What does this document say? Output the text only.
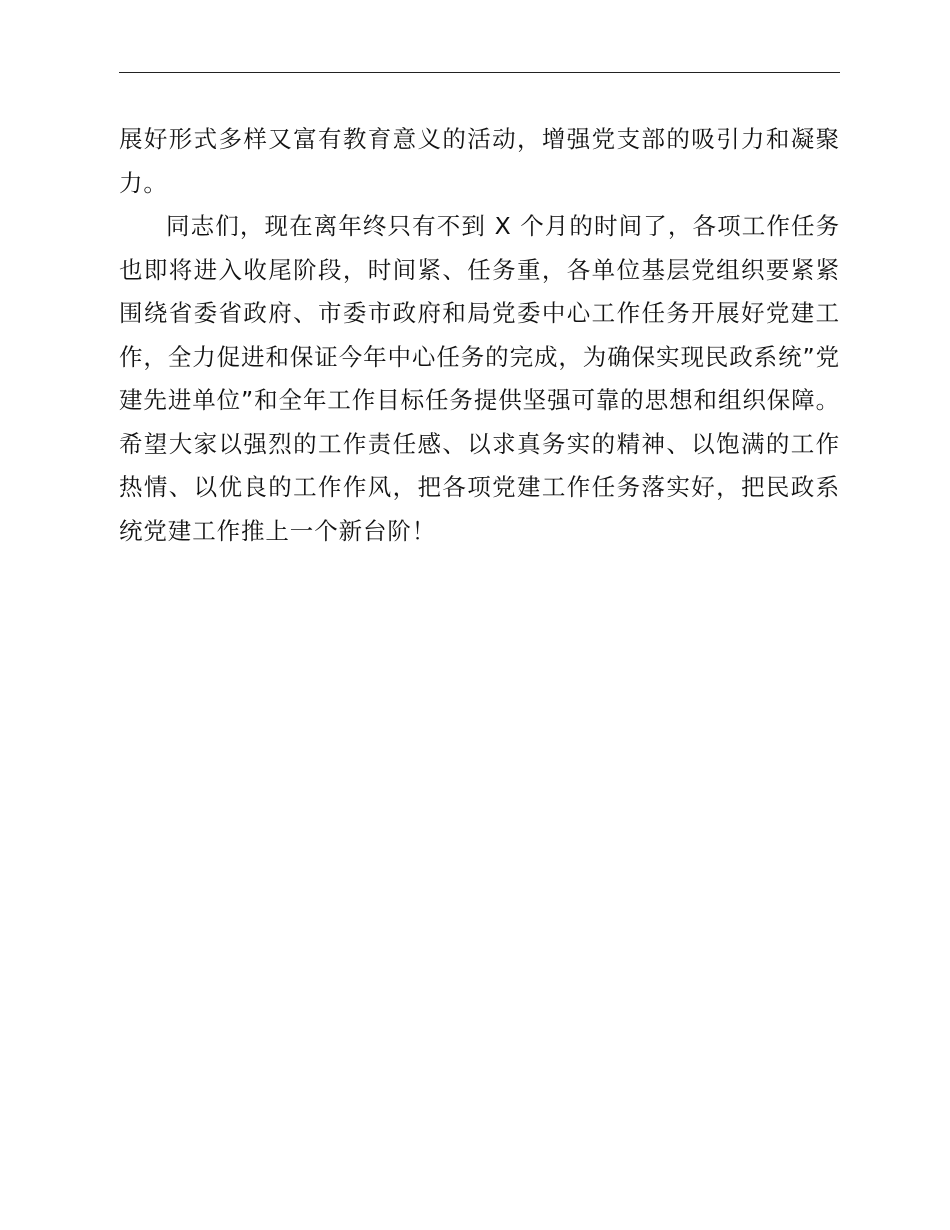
展好形式多样又富有教育意义的活动，增强党支部的吸引力和凝聚力。

同志们，现在离年终只有不到 X 个月的时间了，各项工作任务也即将进入收尾阶段，时间紧、任务重，各单位基层党组织要紧紧围绕省委省政府、市委市政府和局党委中心工作任务开展好党建工作，全力促进和保证今年中心任务的完成，为确保实现民政系统”党建先进单位”和全年工作目标任务提供坚强可靠的思想和组织保障。希望大家以强烈的工作责任感、以求真务实的精神、以饱满的工作热情、以优良的工作作风，把各项党建工作任务落实好，把民政系统党建工作推上一个新台阶！
